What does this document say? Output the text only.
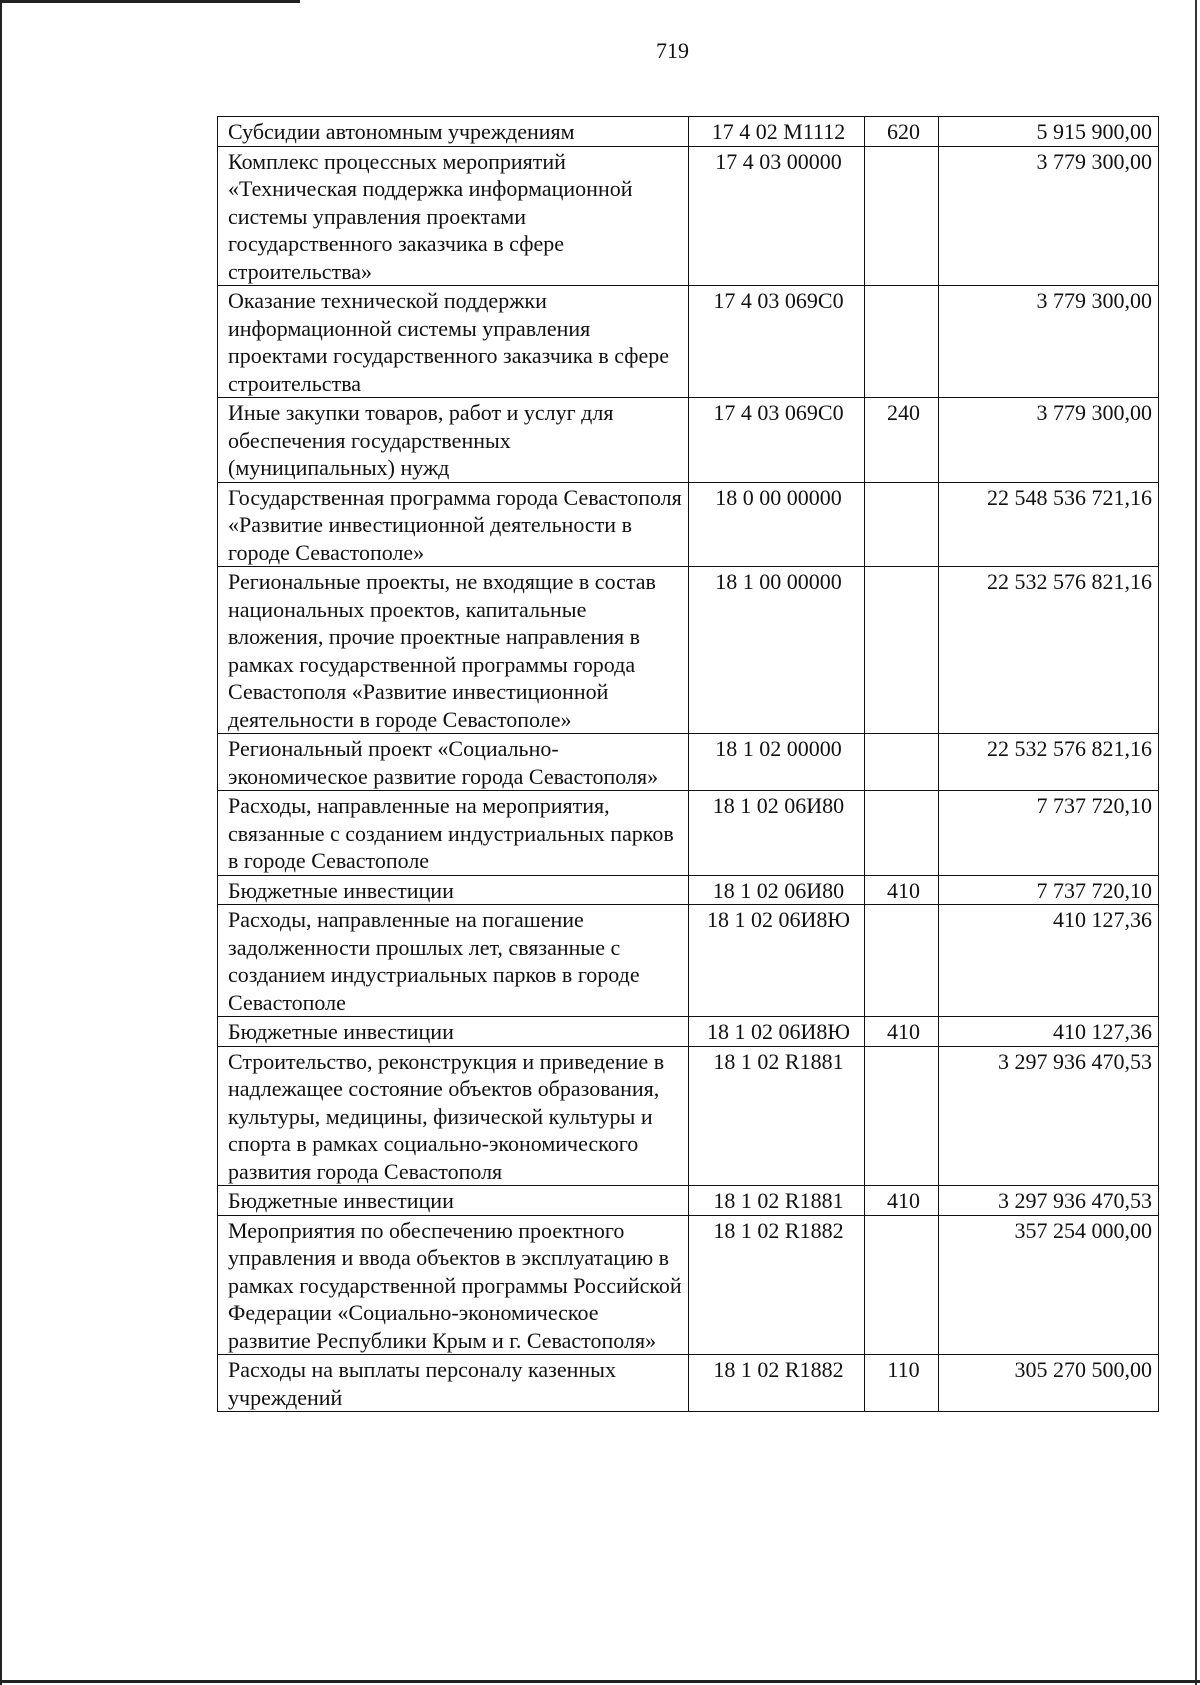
719
Субсидии автономным учреждениям	17 4 02 M1112	620	5 915 900,00
Комплекс процессных мероприятий «Техническая поддержка информационной системы управления проектами государственного заказчика в сфере строительства»	17 4 03 00000		3 779 300,00
Оказание технической поддержки информационной системы управления проектами государственного заказчика в сфере строительства	17 4 03 069C0		3 779 300,00
Иные закупки товаров, работ и услуг для обеспечения государственных (муниципальных) нужд	17 4 03 069C0	240	3 779 300,00
Государственная программа города Севастополя «Развитие инвестиционной деятельности в городе Севастополе»	18 0 00 00000		22 548 536 721,16
Региональные проекты, не входящие в состав национальных проектов, капитальные вложения, прочие проектные направления в рамках государственной программы города Севастополя «Развитие инвестиционной деятельности в городе Севастополе»	18 1 00 00000		22 532 576 821,16
Региональный проект «Социально-экономическое развитие города Севастополя»	18 1 02 00000		22 532 576 821,16
Расходы, направленные на мероприятия, связанные с созданием индустриальных парков в городе Севастополе	18 1 02 06И80		7 737 720,10
Бюджетные инвестиции	18 1 02 06И80	410	7 737 720,10
Расходы, направленные на погашение задолженности прошлых лет, связанные с созданием индустриальных парков в городе Севастополе	18 1 02 06И8Ю		410 127,36
Бюджетные инвестиции	18 1 02 06И8Ю	410	410 127,36
Строительство, реконструкция и приведение в надлежащее состояние объектов образования, культуры, медицины, физической культуры и спорта в рамках социально-экономического развития города Севастополя	18 1 02 R1881		3 297 936 470,53
Бюджетные инвестиции	18 1 02 R1881	410	3 297 936 470,53
Мероприятия по обеспечению проектного управления и ввода объектов в эксплуатацию в рамках государственной программы Российской Федерации «Социально-экономическое развитие Республики Крым и г. Севастополя»	18 1 02 R1882		357 254 000,00
Расходы на выплаты персоналу казенных учреждений	18 1 02 R1882	110	305 270 500,00
